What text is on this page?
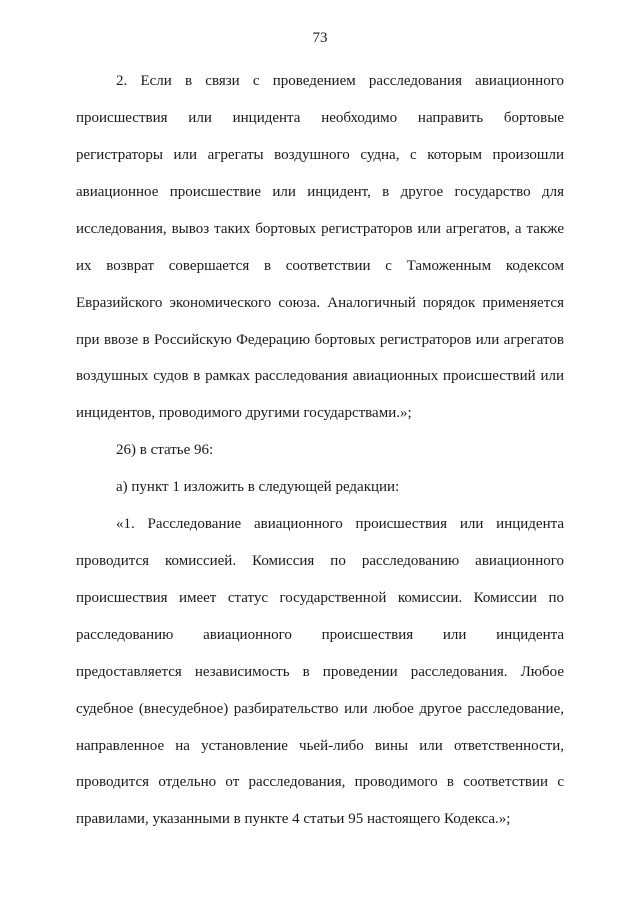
73
2. Если в связи с проведением расследования авиационного
происшествия или инцидента необходимо направить бортовые
регистраторы или агрегаты воздушного судна, с которым произошли
авиационное происшествие или инцидент, в другое государство для
исследования, вывоз таких бортовых регистраторов или агрегатов, а также
их возврат совершается в соответствии с Таможенным кодексом
Евразийского экономического союза. Аналогичный порядок применяется
при ввозе в Российскую Федерацию бортовых регистраторов или агрегатов
воздушных судов в рамках расследования авиационных происшествий или
инцидентов, проводимого другими государствами.»;
26) в статье 96:
а) пункт 1 изложить в следующей редакции:
«1. Расследование авиационного происшествия или инцидента
проводится комиссией. Комиссия по расследованию авиационного
происшествия имеет статус государственной комиссии. Комиссии по
расследованию авиационного происшествия или инцидента
предоставляется независимость в проведении расследования. Любое
судебное (внесудебное) разбирательство или любое другое расследование,
направленное на установление чьей-либо вины или ответственности,
проводится отдельно от расследования, проводимого в соответствии с
правилами, указанными в пункте 4 статьи 95 настоящего Кодекса.»;
